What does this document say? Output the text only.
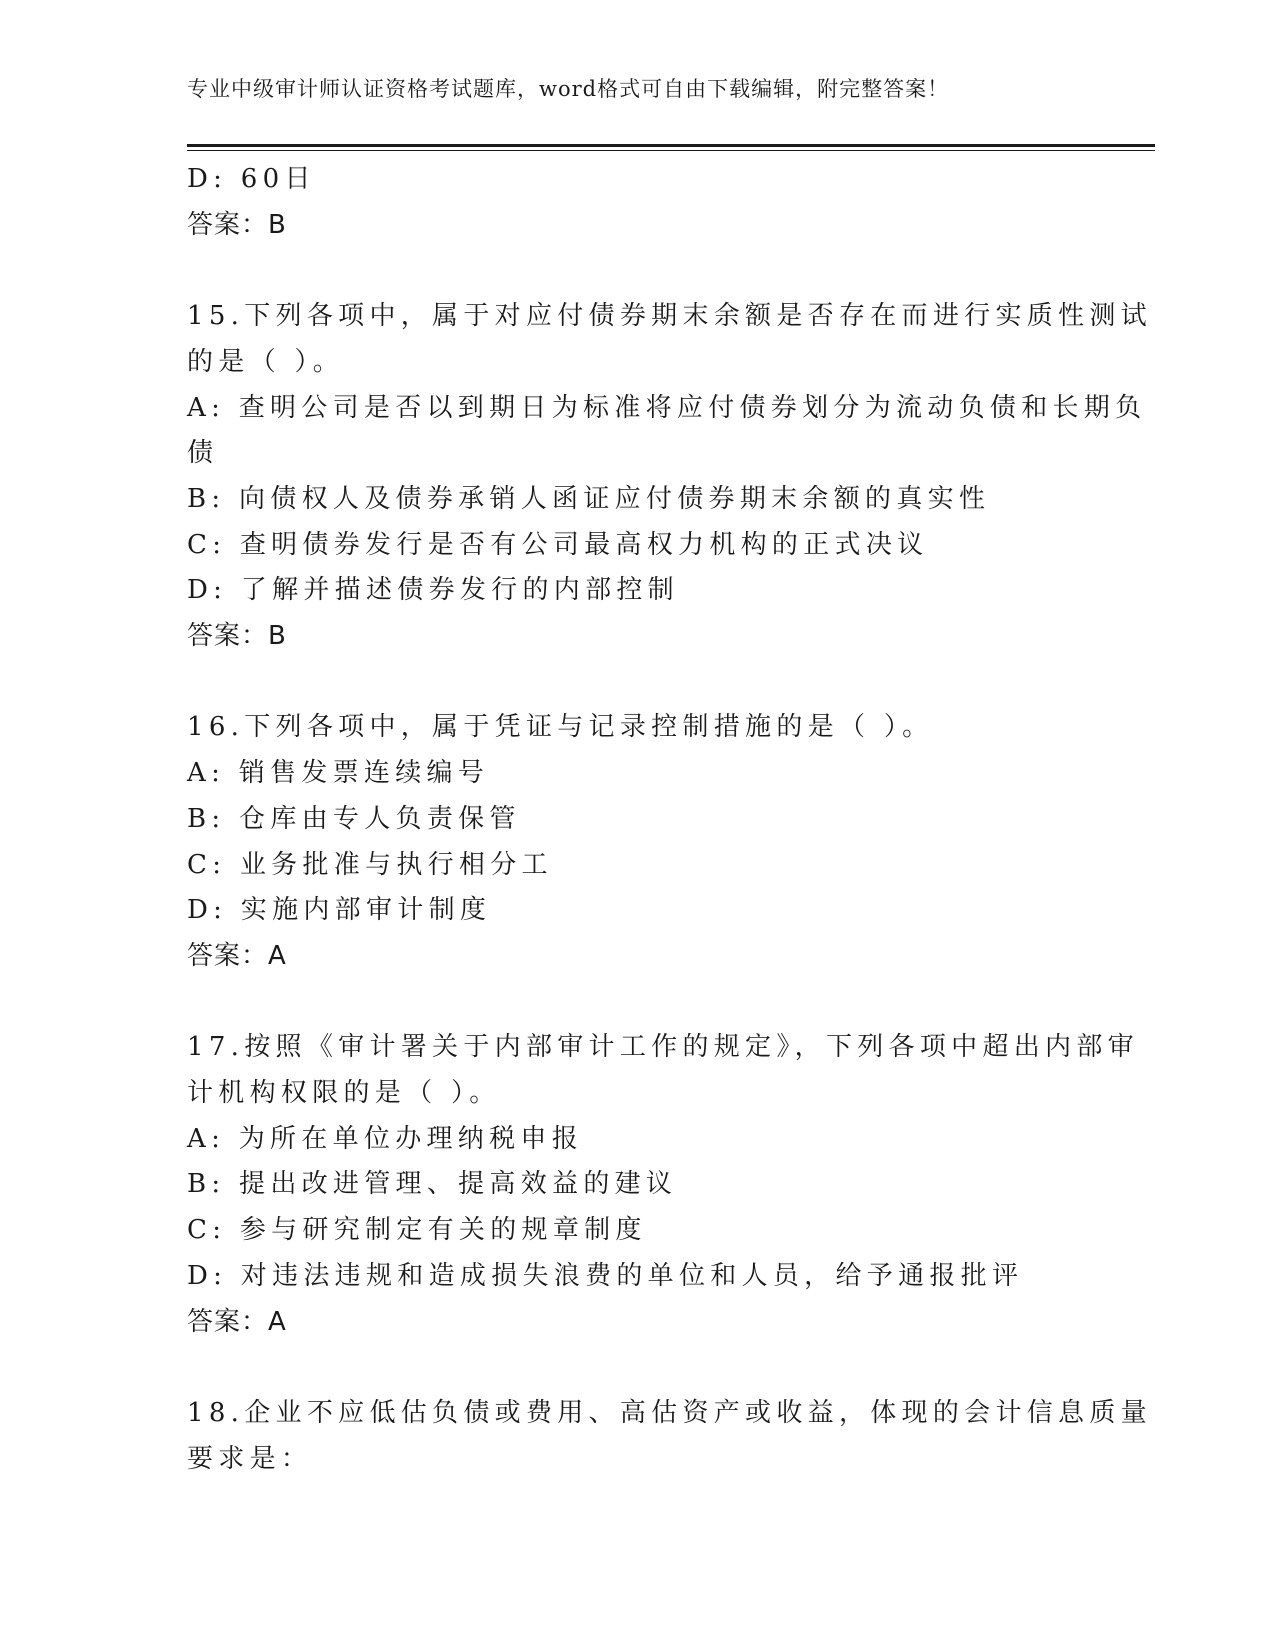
专业中级审计师认证资格考试题库，word格式可自由下载编辑，附完整答案！
D: 60日
答案：B
15.下列各项中，属于对应付债券期末余额是否存在而进行实质性测试
的是（ ）。
A: 查明公司是否以到期日为标准将应付债券划分为流动负债和长期负
债
B: 向债权人及债券承销人函证应付债券期末余额的真实性
C: 查明债券发行是否有公司最高权力机构的正式决议
D: 了解并描述债券发行的内部控制
答案：B
16.下列各项中，属于凭证与记录控制措施的是（ ）。
A: 销售发票连续编号
B: 仓库由专人负责保管
C: 业务批准与执行相分工
D: 实施内部审计制度
答案：A
17.按照《审计署关于内部审计工作的规定》，下列各项中超出内部审
计机构权限的是（ ）。
A: 为所在单位办理纳税申报
B: 提出改进管理、提高效益的建议
C: 参与研究制定有关的规章制度
D: 对违法违规和造成损失浪费的单位和人员，给予通报批评
答案：A
18.企业不应低估负债或费用、高估资产或收益，体现的会计信息质量
要求是：
